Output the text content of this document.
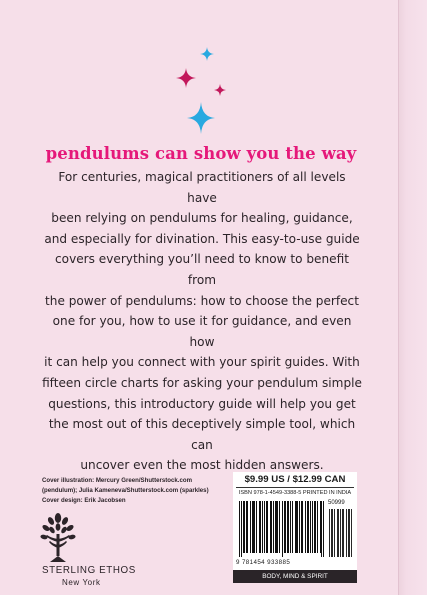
pendulums can show you the way

For centuries, magical practitioners of all levels have
been relying on pendulums for healing, guidance,
and especially for divination. This easy-to-use guide
covers everything you’ll need to know to benefit from
the power of pendulums: how to choose the perfect
one for you, how to use it for guidance, and even how
it can help you connect with your spirit guides. With
fifteen circle charts for asking your pendulum simple
questions, this introductory guide will help you get
the most out of this deceptively simple tool, which can
uncover even the most hidden answers.

Cover illustration: Mercury Green/Shutterstock.com
(pendulum); Julia Kameneva/Shutterstock.com (sparkles)
Cover design: Erik Jacobsen
STERLING ETHOS
New York
$9.99 US / $12.99 CAN
ISBN 978-1-4549-3388-5 PRINTED IN INDIA
50999
9 781454 933885
BODY, MIND & SPIRIT
